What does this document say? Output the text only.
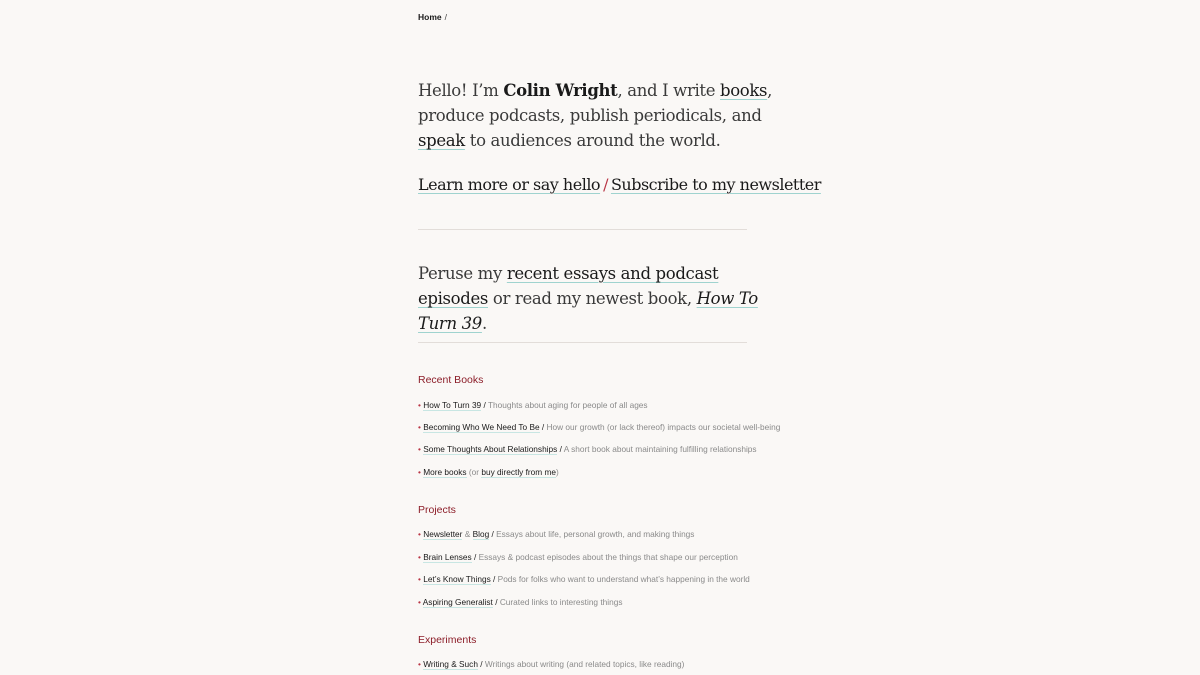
Home /
Hello! I’m Colin Wright, and I write books, produce podcasts, publish periodicals, and speak to audiences around the world.
Learn more or say hello / Subscribe to my newsletter
Peruse my recent essays and podcast episodes or read my newest book, How To Turn 39.
Recent Books
• How To Turn 39 / Thoughts about aging for people of all ages
• Becoming Who We Need To Be / How our growth (or lack thereof) impacts our societal well-being
• Some Thoughts About Relationships / A short book about maintaining fulfilling relationships
• More books (or buy directly from me)
Projects
• Newsletter & Blog / Essays about life, personal growth, and making things
• Brain Lenses / Essays & podcast episodes about the things that shape our perception
• Let’s Know Things / Pods for folks who want to understand what’s happening in the world
• Aspiring Generalist / Curated links to interesting things
Experiments
• Writing & Such / Writings about writing (and related topics, like reading)
